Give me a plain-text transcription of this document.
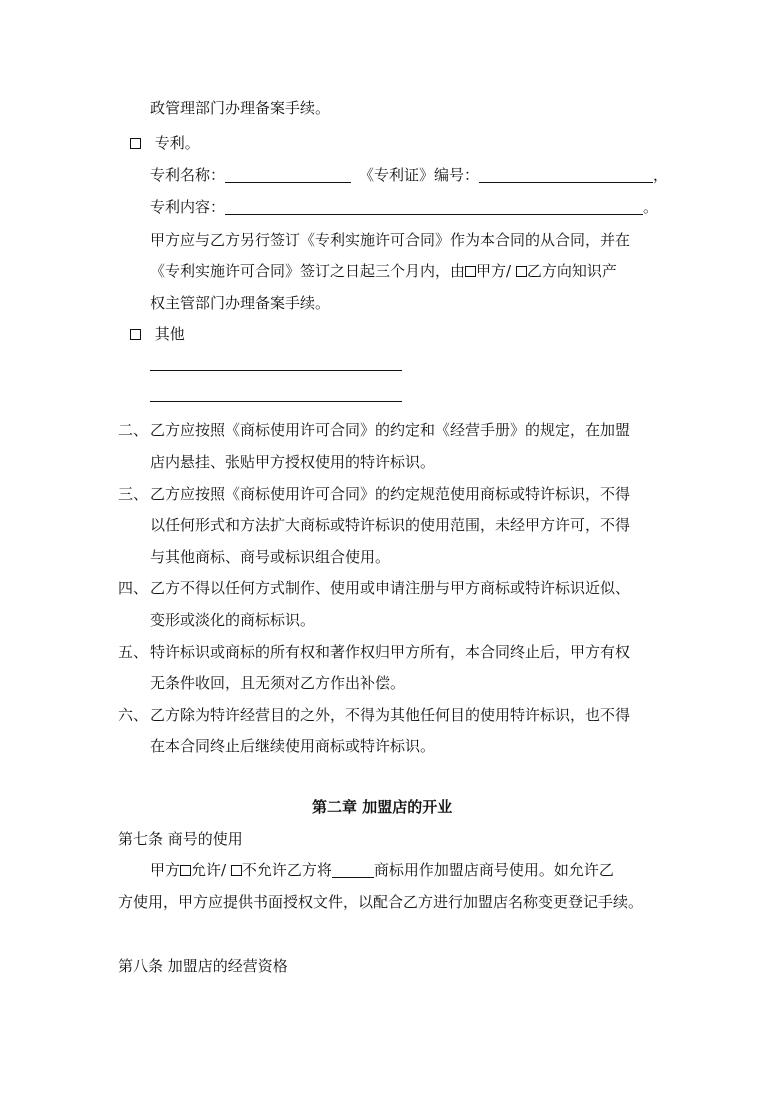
政管理部门办理备案手续。
专利。
专利名称：	《专利证》编号：	，
专利内容：	。
甲方应与乙方另行签订《专利实施许可合同》作为本合同的从合同，并在
《专利实施许可合同》签订之日起三个月内，由 甲方/ 乙方向知识产
权主管部门办理备案手续。
其他
二、 乙方应按照《商标使用许可合同》的约定和《经营手册》的规定，在加盟
店内悬挂、张贴甲方授权使用的特许标识。
三、 乙方应按照《商标使用许可合同》的约定规范使用商标或特许标识，不得
以任何形式和方法扩大商标或特许标识的使用范围，未经甲方许可，不得
与其他商标、商号或标识组合使用。
四、 乙方不得以任何方式制作、使用或申请注册与甲方商标或特许标识近似、
变形或淡化的商标标识。
五、 特许标识或商标的所有权和著作权归甲方所有，本合同终止后，甲方有权
无条件收回，且无须对乙方作出补偿。
六、 乙方除为特许经营目的之外，不得为其他任何目的使用特许标识，也不得
在本合同终止后继续使用商标或特许标识。
第二章 加盟店的开业
第七条 商号的使用
甲方 允许/ 不允许乙方将	商标用作加盟店商号使用。如允许乙
方使用，甲方应提供书面授权文件，以配合乙方进行加盟店名称变更登记手续。
第八条 加盟店的经营资格
